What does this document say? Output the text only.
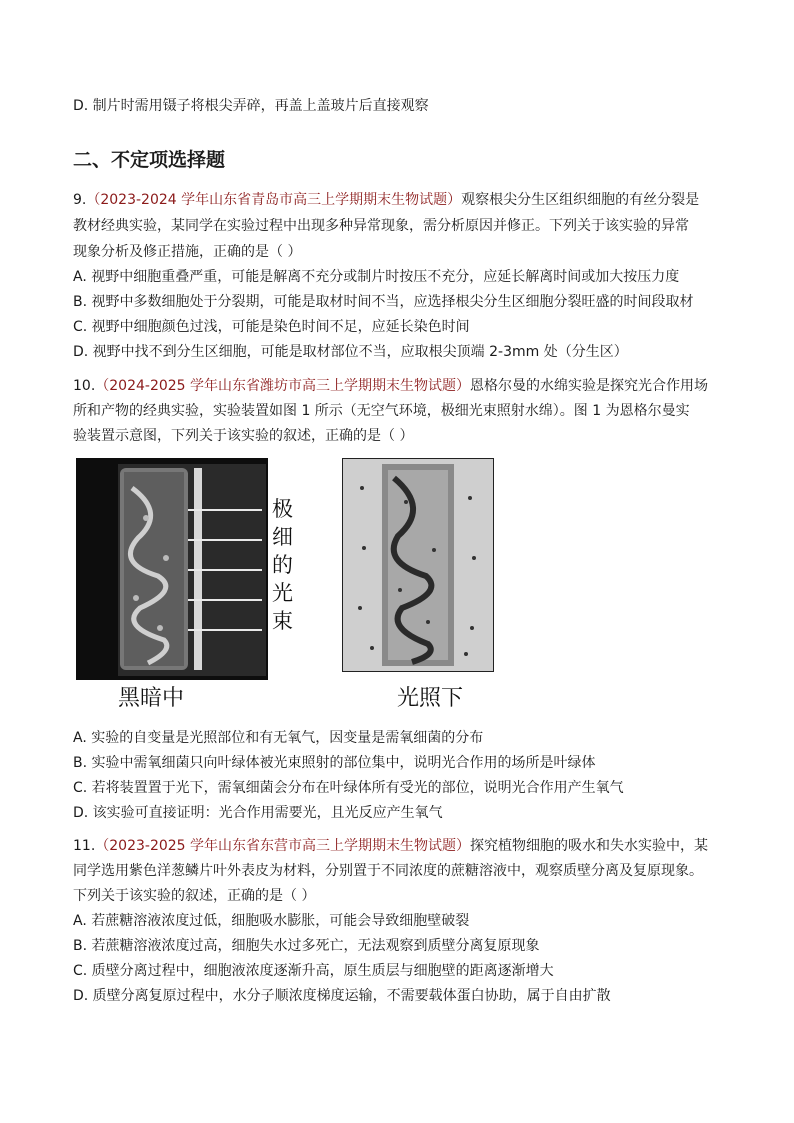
D. 制片时需用镊子将根尖弄碎，再盖上盖玻片后直接观察
二、不定项选择题
9.（2023-2024 学年山东省青岛市高三上学期期末生物试题）观察根尖分生区组织细胞的有丝分裂是
教材经典实验，某同学在实验过程中出现多种异常现象，需分析原因并修正。下列关于该实验的异常
现象分析及修正措施，正确的是（ ）
A. 视野中细胞重叠严重，可能是解离不充分或制片时按压不充分，应延长解离时间或加大按压力度
B. 视野中多数细胞处于分裂期，可能是取材时间不当，应选择根尖分生区细胞分裂旺盛的时间段取材
C. 视野中细胞颜色过浅，可能是染色时间不足，应延长染色时间
D. 视野中找不到分生区细胞，可能是取材部位不当，应取根尖顶端 2-3mm 处（分生区）
10.（2024-2025 学年山东省潍坊市高三上学期期末生物试题）恩格尔曼的水绵实验是探究光合作用场
所和产物的经典实验，实验装置如图 1 所示（无空气环境，极细光束照射水绵）。图 1 为恩格尔曼实
验装置示意图，下列关于该实验的叙述，正确的是（ ）
极
细
的
光
束
黑暗中	光照下
A. 实验的自变量是光照部位和有无氧气，因变量是需氧细菌的分布
B. 实验中需氧细菌只向叶绿体被光束照射的部位集中，说明光合作用的场所是叶绿体
C. 若将装置置于光下，需氧细菌会分布在叶绿体所有受光的部位，说明光合作用产生氧气
D. 该实验可直接证明：光合作用需要光，且光反应产生氧气
11.（2023-2025 学年山东省东营市高三上学期期末生物试题）探究植物细胞的吸水和失水实验中，某
同学选用紫色洋葱鳞片叶外表皮为材料，分别置于不同浓度的蔗糖溶液中，观察质壁分离及复原现象。
下列关于该实验的叙述，正确的是（ ）
A. 若蔗糖溶液浓度过低，细胞吸水膨胀，可能会导致细胞壁破裂
B. 若蔗糖溶液浓度过高，细胞失水过多死亡，无法观察到质壁分离复原现象
C. 质壁分离过程中，细胞液浓度逐渐升高，原生质层与细胞壁的距离逐渐增大
D. 质壁分离复原过程中，水分子顺浓度梯度运输，不需要载体蛋白协助，属于自由扩散
